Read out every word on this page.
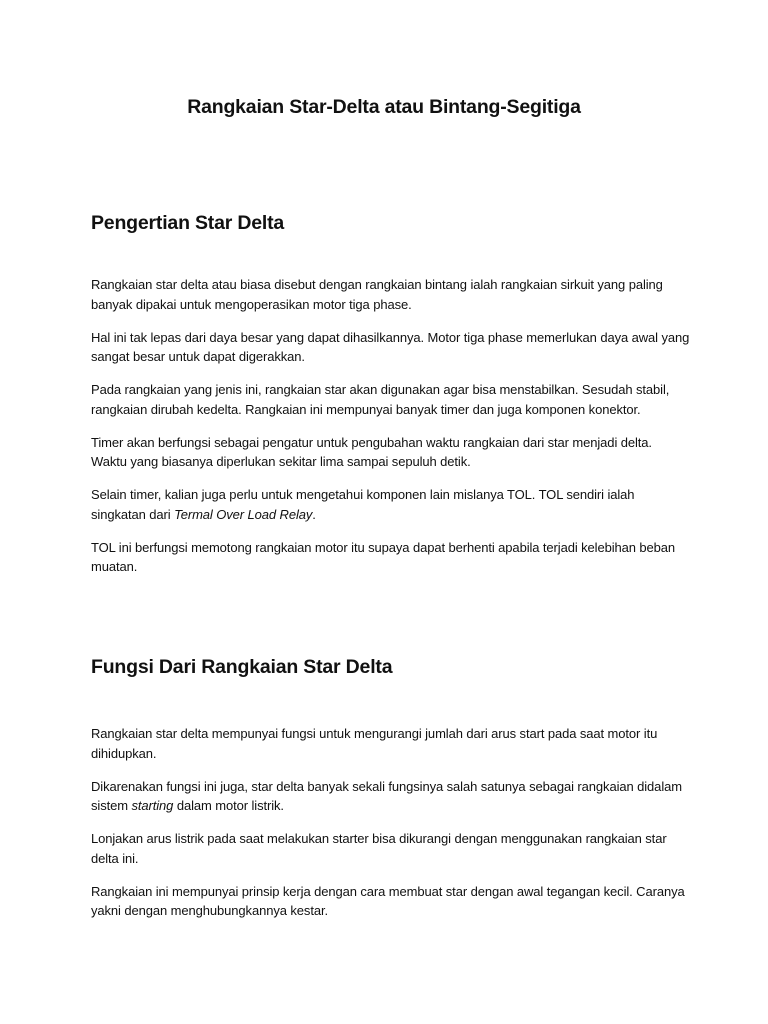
Rangkaian Star-Delta atau Bintang-Segitiga
Pengertian Star Delta

Rangkaian star delta atau biasa disebut dengan rangkaian bintang ialah rangkaian sirkuit yang paling banyak dipakai untuk mengoperasikan motor tiga phase.

Hal ini tak lepas dari daya besar yang dapat dihasilkannya. Motor tiga phase memerlukan daya awal yang sangat besar untuk dapat digerakkan.

Pada rangkaian yang jenis ini, rangkaian star akan digunakan agar bisa menstabilkan. Sesudah stabil, rangkaian dirubah kedelta. Rangkaian ini mempunyai banyak timer dan juga komponen konektor.

Timer akan berfungsi sebagai pengatur untuk pengubahan waktu rangkaian dari star menjadi delta. Waktu yang biasanya diperlukan sekitar lima sampai sepuluh detik.

Selain timer, kalian juga perlu untuk mengetahui komponen lain mislanya TOL. TOL sendiri ialah singkatan dari Termal Over Load Relay.

TOL ini berfungsi memotong rangkaian motor itu supaya dapat berhenti apabila terjadi kelebihan beban muatan.

Fungsi Dari Rangkaian Star Delta

Rangkaian star delta mempunyai fungsi untuk mengurangi jumlah dari arus start pada saat motor itu dihidupkan.

Dikarenakan fungsi ini juga, star delta banyak sekali fungsinya salah satunya sebagai rangkaian didalam sistem starting dalam motor listrik.

Lonjakan arus listrik pada saat melakukan starter bisa dikurangi dengan menggunakan rangkaian star delta ini.

Rangkaian ini mempunyai prinsip kerja dengan cara membuat star dengan awal tegangan kecil. Caranya yakni dengan menghubungkannya kestar.
